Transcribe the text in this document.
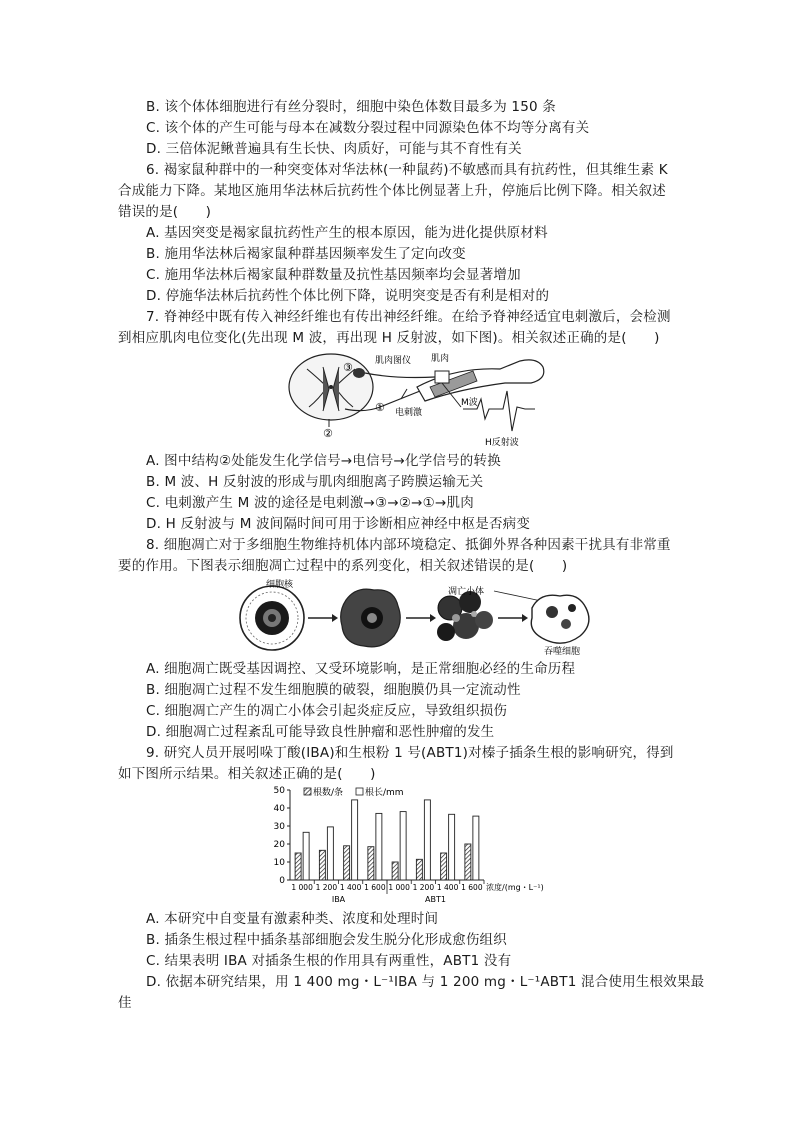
B. 该个体体细胞进行有丝分裂时，细胞中染色体数目最多为 150 条
C. 该个体的产生可能与母本在减数分裂过程中同源染色体不均等分离有关
D. 三倍体泥鳅普遍具有生长快、肉质好，可能与其不育性有关
6. 褐家鼠种群中的一种突变体对华法林(一种鼠药)不敏感而具有抗药性，但其维生素 K
合成能力下降。某地区施用华法林后抗药性个体比例显著上升，停施后比例下降。相关叙述
错误的是(　　)
A. 基因突变是褐家鼠抗药性产生的根本原因，能为进化提供原材料
B. 施用华法林后褐家鼠种群基因频率发生了定向改变
C. 施用华法林后褐家鼠种群数量及抗性基因频率均会显著增加
D. 停施华法林后抗药性个体比例下降，说明突变是否有利是相对的
7. 脊神经中既有传入神经纤维也有传出神经纤维。在给予脊神经适宜电刺激后，会检测
到相应肌肉电位变化(先出现 M 波，再出现 H 反射波，如下图)。相关叙述正确的是(　　)
②
③
① 电刺激
肌肉图仪 肌肉
M波
H反射波
A. 图中结构②处能发生化学信号→电信号→化学信号的转换
B. M 波、H 反射波的形成与肌肉细胞离子跨膜运输无关
C. 电刺激产生 M 波的途径是电刺激→③→②→①→肌肉
D. H 反射波与 M 波间隔时间可用于诊断相应神经中枢是否病变
8. 细胞凋亡对于多细胞生物维持机体内部环境稳定、抵御外界各种因素干扰具有非常重
要的作用。下图表示细胞凋亡过程中的系列变化，相关叙述错误的是(　　)
细胞核
凋亡小体
吞噬细胞
A. 细胞凋亡既受基因调控、又受环境影响，是正常细胞必经的生命历程
B. 细胞凋亡过程不发生细胞膜的破裂，细胞膜仍具一定流动性
C. 细胞凋亡产生的凋亡小体会引起炎症反应，导致组织损伤
D. 细胞凋亡过程紊乱可能导致良性肿瘤和恶性肿瘤的发生
9. 研究人员开展吲哚丁酸(IBA)和生根粉 1 号(ABT1)对榛子插条生根的影响研究，得到
如下图所示结果。相关叙述正确的是(　　)
0
10
20
30
40
50
1 000 1 200 1 400 1 600 1 000 1 200 1 400 1 600
IBA	ABT1
浓度/(mg・L⁻¹)
根数/条 根长/mm
A. 本研究中自变量有激素种类、浓度和处理时间
B. 插条生根过程中插条基部细胞会发生脱分化形成愈伤组织
C. 结果表明 IBA 对插条生根的作用具有两重性，ABT1 没有
D. 依据本研究结果，用 1 400 mg・L⁻¹IBA 与 1 200 mg・L⁻¹ABT1 混合使用生根效果最
佳
